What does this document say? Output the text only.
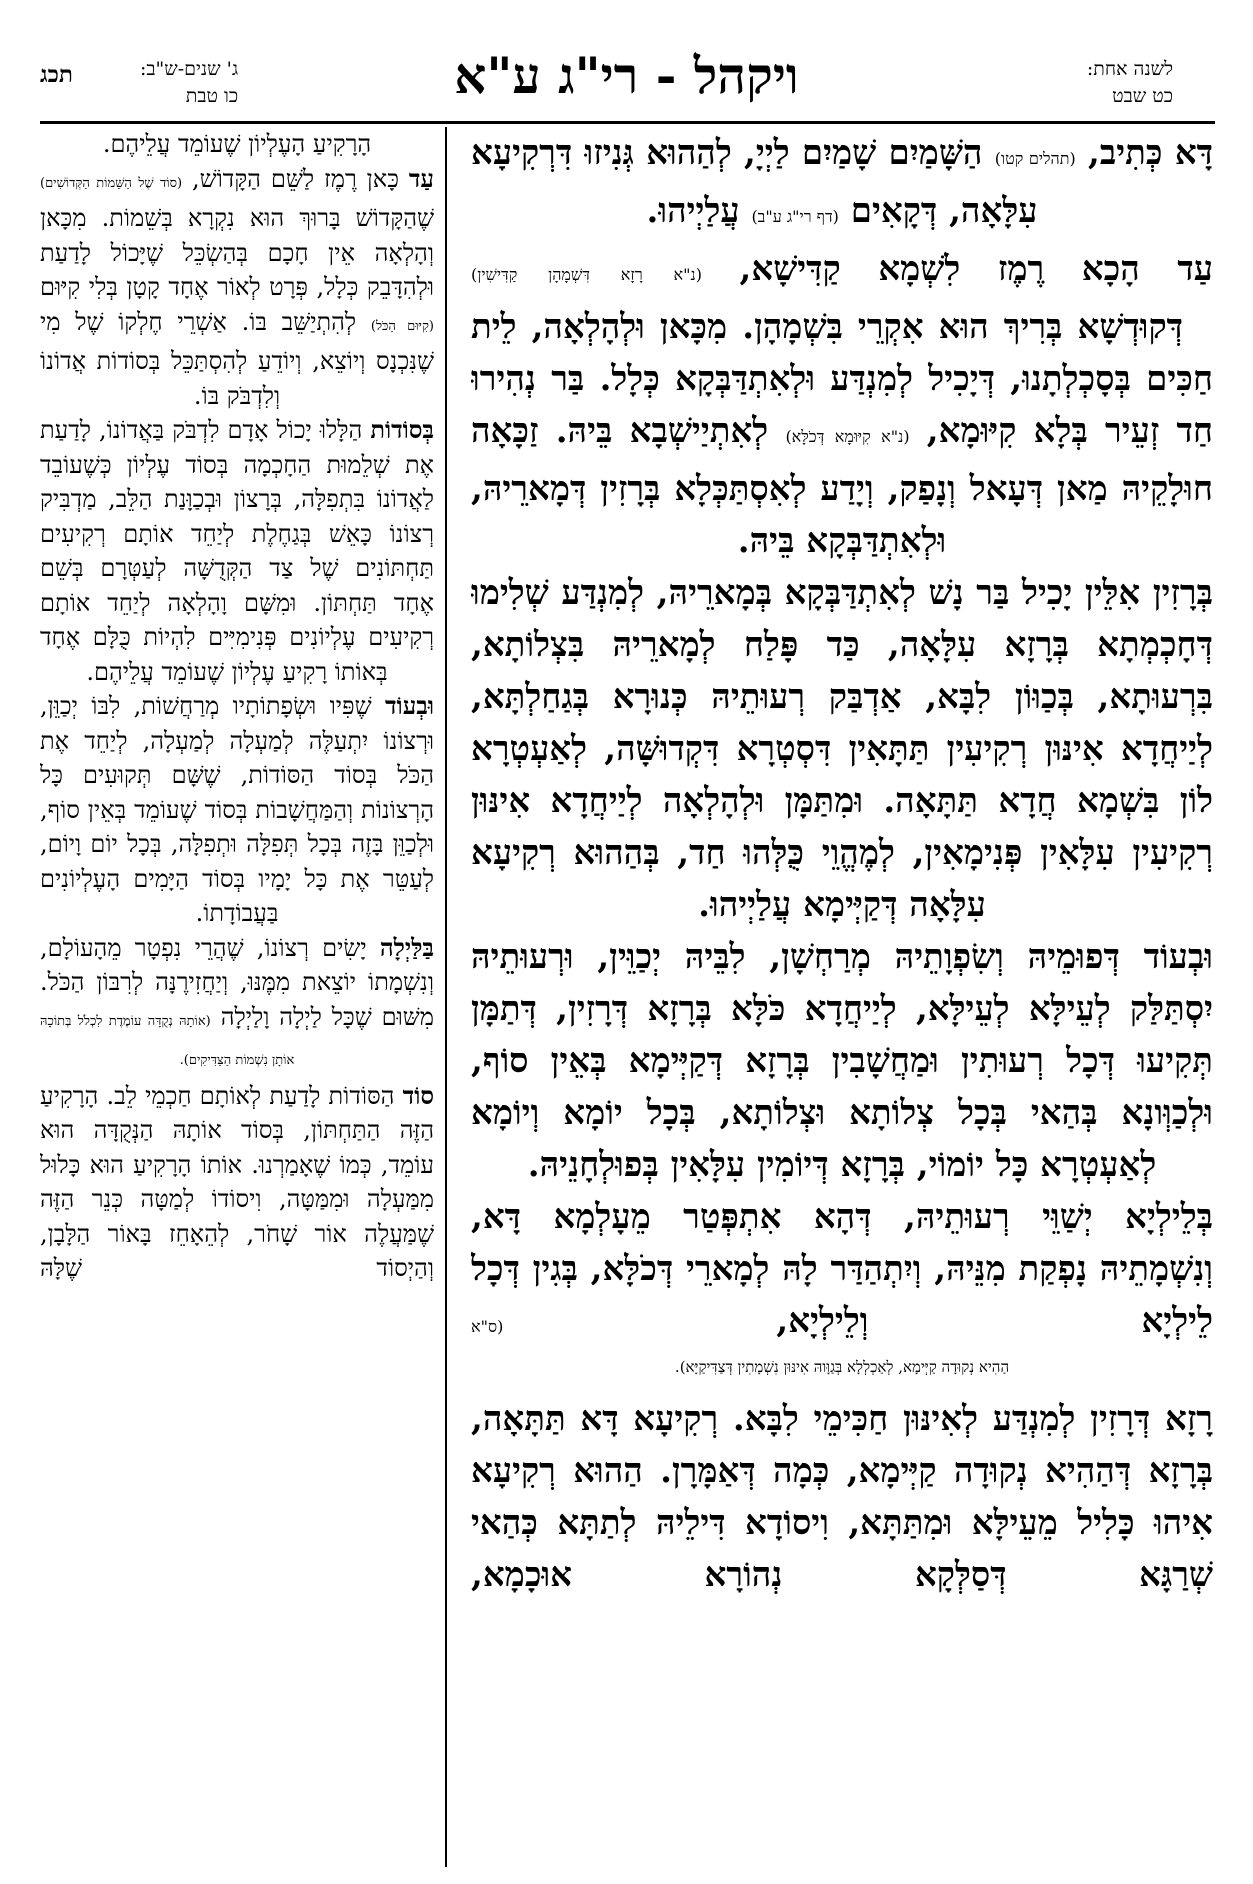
לשנה אחת:
כט שבט
ויקהל - רי"ג ע"א
ג' שנים-ש"ב:
כו טבת
תכג

דָּא כְּתִיב, (תהלים קטו) הַשָּׁמַיִם שָׁמַיִם לַיְיָ, לְהַהוּא גְּנִיזוּ דִּרְקִיעָא עִלָּאָה, דְּקָאִים (דף רי"ג ע"ב) עֲלַיְיהוּ.

עַד הָכָא רֶמֶז לִשְׁמָא קַדִּישָׁא, (נ"א רָזָא דִּשְׁמָהָן קַדִּישִׁין)

דְּקוּדְשָׁא בְּרִיךְ הוּא אִקְרֵי בִּשְׁמָהָן. מִכָּאן וּלְהָלְאָה, לֵית חַכִּים בְּסָכְלְתָנוּ, דְּיָכִיל לְמִנְדַּע וּלְאִתְדַּבְּקָא כְּלָל. בַּר נְהִירוּ חַד זְעֵיר בְּלָא קִיּוּמָא, (נ"א קִיּוּמָא דְּכֹלָּא) לְאִתְיַישְׁבָא בֵּיהּ. זַכָּאָה חוּלָקֵיהּ מַאן דְּעָאל וְנָפַק, וְיָדַע לְאִסְתַּכְּלָא בְּרָזִין דְּמָארֵיהּ, וּלְאִתְדַּבְּקָא בֵּיהּ.

בְּרָזִין אִלֵּין יָכִיל בַּר נָשׁ לְאִתְדַּבְּקָא בְּמָארֵיהּ, לְמִנְדַּע שְׁלִימוּ דְּחָכְמְתָא בְּרָזָא עִלָּאָה, כַּד פָּלַח לְמָארֵיהּ בִּצְלוֹתָא, בִּרְעוּתָא, בְּכַוּוֹן לִבָּא, אַדְבַּק רְעוּתֵיהּ כְּנוּרָא בְּגַחַלְתָּא, לְיַיחֲדָא אִינּוּן רְקִיעִין תַּתָּאִין דִּסְטְרָא דִּקְדוּשָּׁה, לְאַעְטְרָא לוֹן בִּשְׁמָא חֲדָא תַּתָּאָה. וּמִתַּמָּן וּלְהָלְאָה לְיַיחֲדָא אִינּוּן רְקִיעִין עִלָּאִין פְּנִימָאִין, לְמֶהֱוֵי כֻּלְּהוּ חַד, בְּהַהוּא רְקִיעָא עִלָּאָה דְּקַיְּימָא עֲלַיְיהוּ.

וּבְעוֹד דְּפוּמֵיהּ וְשִׂפְוָתֵיהּ מְרַחְשָׁן, לִבֵּיהּ יְכַוֵּין, וּרְעוּתֵיהּ יִסְתַּלַּק לְעֵילָּא לְעֵילָּא, לְיַיחֲדָא כֹּלָּא בְּרָזָא דְּרָזִין, דְּתַמָּן תְּקִיעוּ דְּכָל רְעוּתִין וּמַחֲשָׁבִין בְּרָזָא דְּקַיְּימָא בְּאֵין סוֹף, וּלְכַוְּונָא בְּהַאי בְּכָל צְלוֹתָא וּצְלוֹתָא, בְּכָל יוֹמָא וְיוֹמָא לְאַעְטְרָא כָּל יוֹמוֹי, בְּרָזָא דְּיוֹמִין עִלָּאִין בְּפוּלְחָנֵיהּ.

בְּלֵילְיָא יְשַׁוֵּי רְעוּתֵיהּ, דְּהָא אִתְפְּטַר מֵעָלְמָא דָּא, וְנִשְׁמָתֵיהּ נָפְקַת מִנֵּיהּ, וְיִתְהַדַּר לָהּ לְמָארֵי דְּכֹלָּא, בְּגִין דְּכָל לֵילְיָא וְלֵילְיָא, (ס"א

הַהִיא נְקוּדָה קַיְּימָא, לְאַכְלְלָא בְּגַוָּוהּ אִינּוּן נִשְׁמָתִין דְּצַדִּיקַיָּא).

רָזָא דְּרָזִין לְמִנְדַּע לְאִינּוּן חַכִּימֵי לִבָּא. רְקִיעָא דָּא תַּתָּאָה, בְּרָזָא דְּהַהִיא נְקוּדָה קַיְּימָא, כְּמָה דְּאַמָּרָן. הַהוּא רְקִיעָא אִיהוּ כָּלִיל מֵעֵילָּא וּמִתַּתָּא, וִיסוֹדָא דִּילֵיהּ לְתַתָּא כְּהַאי שְׁרַגָּא דְּסַלְּקָא נְהוֹרָא אוּכָמָא,

הָרָקִיעַ הָעֶלְיוֹן שֶׁעוֹמֵד עֲלֵיהֶם.

עַד כָּאן רֶמֶז לַשֵּׁם הַקָּדוֹשׁ, (סוֹד שֶׁל הַשֵּׁמוֹת הַקְּדוֹשִׁים) שֶׁהַקָּדוֹשׁ בָּרוּךְ הוּא נִקְרָא בְּשֵׁמוֹת. מִכָּאן וְהָלְאָה אֵין חָכָם בְּהַשְׂכֵּל שֶׁיָּכוֹל לָדַעַת וּלְהִדָּבֵק כְּלָל, פְּרָט לְאוֹר אֶחָד קָטָן בְּלִי קִיּוּם (קִיּוּם הַכֹּל) לְהִתְיַשֵּׁב בּוֹ. אַשְׁרֵי חֶלְקוֹ שֶׁל מִי שֶׁנִּכְנָס וְיוֹצֵא, וְיוֹדֵעַ לְהִסְתַּכֵּל בְּסוֹדוֹת אֲדוֹנוֹ וְלִדְבֹּק בּוֹ.

בְּסוֹדוֹת הַלָּלוּ יָכוֹל אָדָם לִדְבֹּק בַּאֲדוֹנוֹ, לָדַעַת אֶת שְׁלֵמוּת הַחָכְמָה בְּסוֹד עֶלְיוֹן כְּשֶׁעוֹבֵד לַאֲדוֹנוֹ בִּתְפִלָּה, בְּרָצוֹן וּבְכַוָּנַת הַלֵּב, מַדְבִּיק רְצוֹנוֹ כָּאֵשׁ בְּגַחֶלֶת לְיַחֵד אוֹתָם רְקִיעִים תַּחְתּוֹנִים שֶׁל צַד הַקְּדֻשָּׁה לְעַטְּרָם בְּשֵׁם אֶחָד תַּחְתּוֹן. וּמִשָּׁם וָהָלְאָה לְיַחֵד אוֹתָם רְקִיעִים עֶלְיוֹנִים פְּנִימִיִּים לִהְיוֹת כֻּלָּם אֶחָד בְּאוֹתוֹ רָקִיעַ עֶלְיוֹן שֶׁעוֹמֵד עֲלֵיהֶם.

וּבְעוֹד שֶׁפִּיו וּשְׂפָתוֹתָיו מְרַחֲשׁוֹת, לִבּוֹ יְכַוֵּן, וּרְצוֹנוֹ יִתְעַלֶּה לְמַעְלָה לְמַעְלָה, לְיַחֵד אֶת הַכֹּל בְּסוֹד הַסּוֹדוֹת, שֶׁשָּׁם תְּקוּעִים כָּל הָרְצוֹנוֹת וְהַמַּחֲשָׁבוֹת בְּסוֹד שֶׁעוֹמֵד בְּאֵין סוֹף, וּלְכַוֵּן בָּזֶה בְּכָל תְּפִלָּה וּתְפִלָּה, בְּכָל יוֹם וָיוֹם, לְעַטֵּר אֶת כָּל יָמָיו בְּסוֹד הַיָּמִים הָעֶלְיוֹנִים בַּעֲבוֹדָתוֹ.

בַּלַּיְלָה יָשִׂים רְצוֹנוֹ, שֶׁהֲרֵי נִפְטָר מֵהָעוֹלָם, וְנִשְׁמָתוֹ יוֹצֵאת מִמֶּנּוּ, וְיַחֲזִירֶנָּה לְרִבּוֹן הַכֹּל. מִשּׁוּם שֶׁכָּל לַיְלָה וָלַיְלָה (אוֹתָהּ נְקֻדָּה עוֹמֶדֶת לִכְלֹל בְּתוֹכָהּ אוֹתָן נִשְׁמוֹת הַצַּדִּיקִים).

סוֹד הַסּוֹדוֹת לָדַעַת לְאוֹתָם חַכְמֵי לֵב. הָרָקִיעַ הַזֶּה הַתַּחְתּוֹן, בְּסוֹד אוֹתָהּ הַנְּקֻדָּה הוּא עוֹמֵד, כְּמוֹ שֶׁאָמַרְנוּ. אוֹתוֹ הָרָקִיעַ הוּא כָּלוּל מִמַּעְלָה וּמִמַּטָּה, וִיסוֹדוֹ לְמַטָּה כְּנֵר הַזֶּה שֶׁמַּעֲלֶה אוֹר שָׁחֹר, לְהֵאָחֵז בָּאוֹר הַלָּבָן, וְהַיְסוֹד שֶׁלָּהּ
